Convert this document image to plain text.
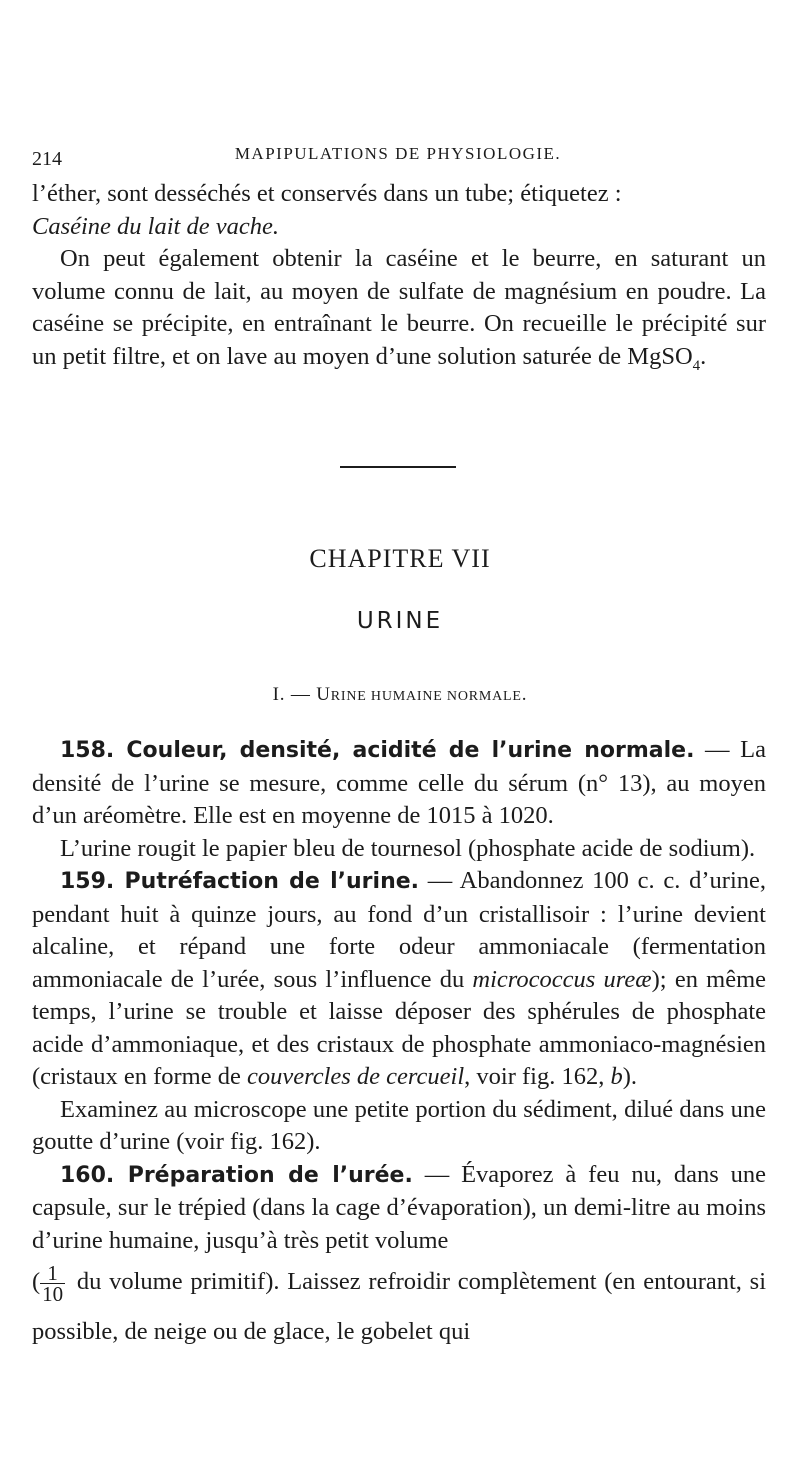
214	MAPIPULATIONS DE PHYSIOLOGIE.

l’éther, sont desséchés et conservés dans un tube; étiquetez :
Caséine du lait de vache.

On peut également obtenir la caséine et le beurre, en saturant un volume connu de lait, au moyen de sulfate de magnésium en poudre. La caséine se précipite, en entraînant le beurre. On recueille le précipité sur un petit filtre, et on lave au moyen d’une solution saturée de MgSO$_4$.

CHAPITRE VII
URINE
I. — URINE HUMAINE NORMALE.

158. Couleur, densité, acidité de l’urine normale. — La densité de l’urine se mesure, comme celle du sérum (n° 13), au moyen d’un aréomètre. Elle est en moyenne de 1015 à 1020.

L’urine rougit le papier bleu de tournesol (phosphate acide de sodium).

159. Putréfaction de l’urine. — Abandonnez 100 c. c. d’urine, pendant huit à quinze jours, au fond d’un cristallisoir : l’urine devient alcaline, et répand une forte odeur ammoniacale (fermentation ammoniacale de l’urée, sous l’influence du micrococcus ureæ); en même temps, l’urine se trouble et laisse déposer des sphérules de phosphate acide d’ammoniaque, et des cristaux de phosphate ammoniaco-magnésien (cristaux en forme de couvercles de cercueil, voir fig. 162, b).

Examinez au microscope une petite portion du sédiment, dilué dans une goutte d’urine (voir fig. 162).

160. Préparation de l’urée. — Évaporez à feu nu, dans une capsule, sur le trépied (dans la cage d’évaporation), un demi-litre au moins d’urine humaine, jusqu’à très petit volume

( $\frac{1}{10}$ du volume primitif). Laissez refroidir complètement (en entourant, si possible, de neige ou de glace, le gobelet qui
